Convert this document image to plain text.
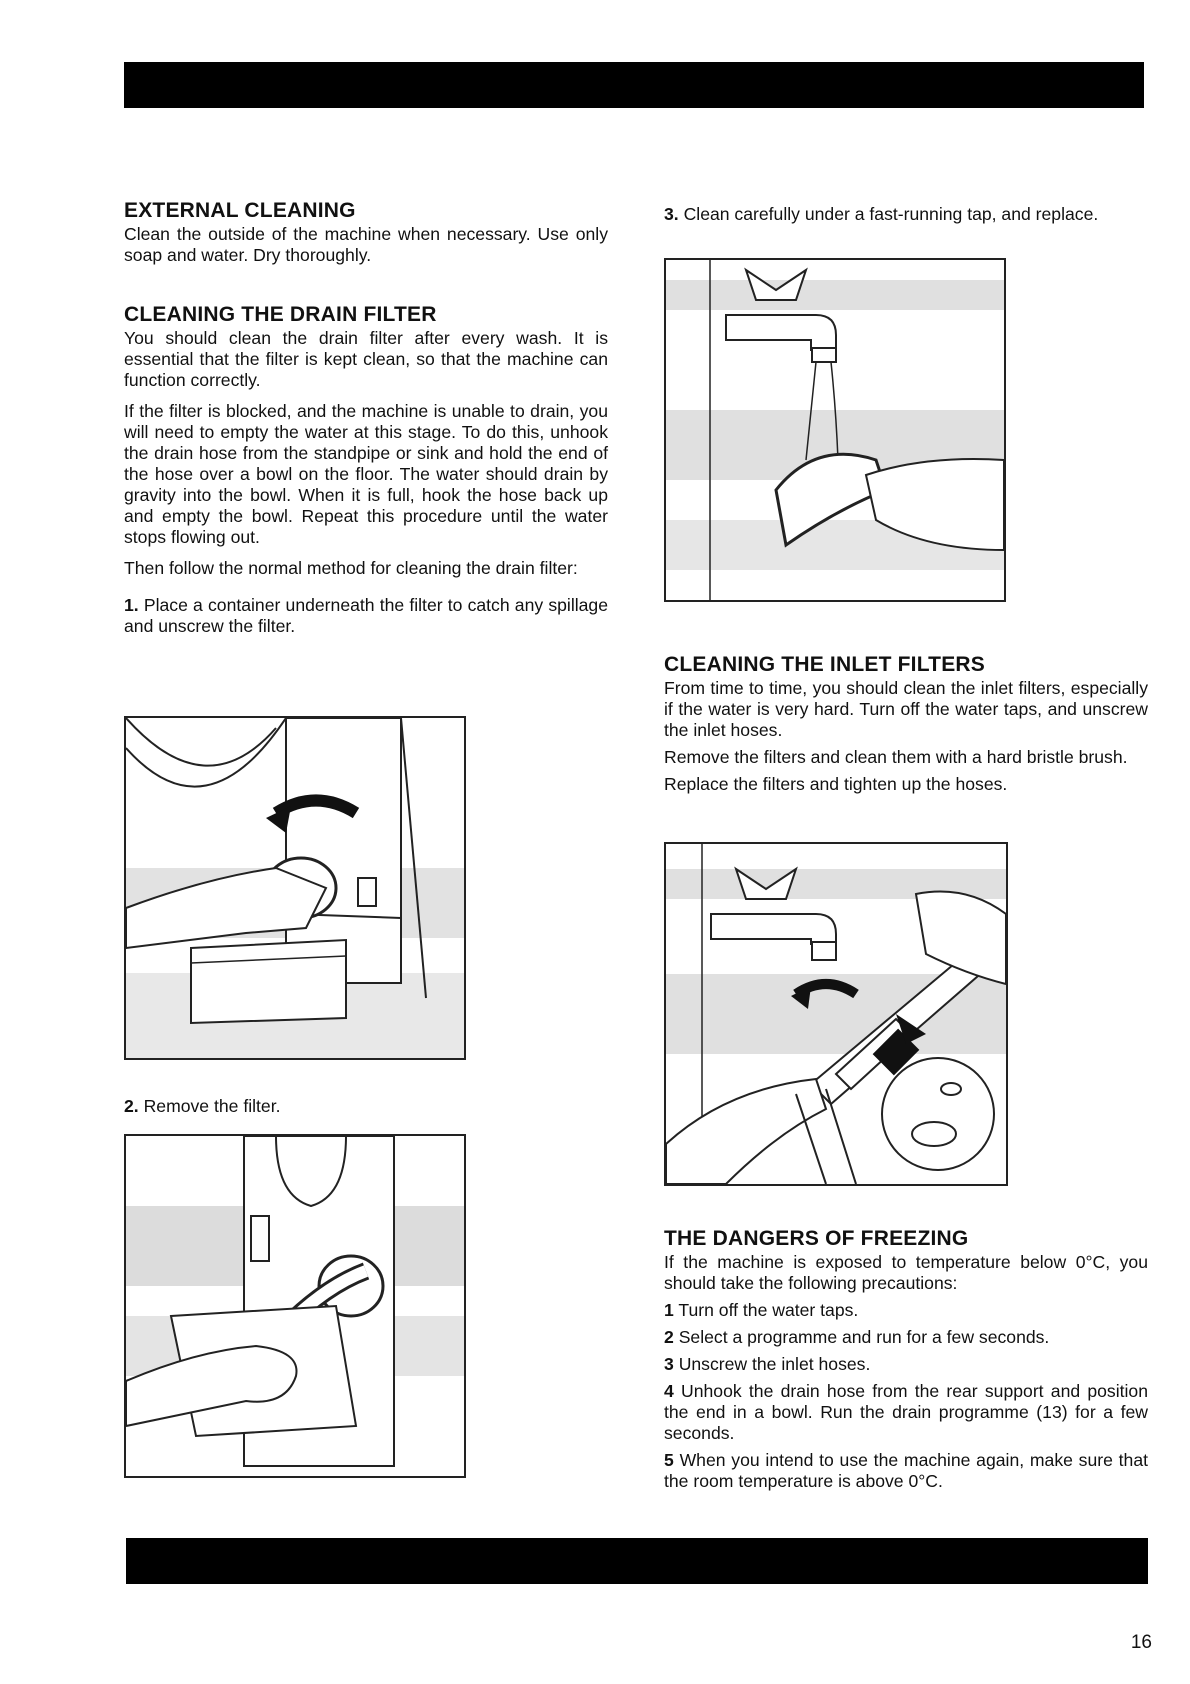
EXTERNAL CLEANING

Clean the outside of the machine when necessary. Use only soap and water. Dry thoroughly.

CLEANING THE DRAIN FILTER

You should clean the drain filter after every wash. It is essential that the filter is kept clean, so that the machine can function correctly.

If the filter is blocked, and the machine is unable to drain, you will need to empty the water at this stage. To do this, unhook the drain hose from the standpipe or sink and hold the end of the hose over a bowl on the floor. The water should drain by gravity into the bowl. When it is full, hook the hose back up and empty the bowl. Repeat this procedure until the water stops flowing out.

Then follow the normal method for cleaning the drain filter:

1. Place a container underneath the filter to catch any spillage and unscrew the filter.

2. Remove the filter.

3. Clean carefully under a fast-running tap, and replace.

CLEANING THE INLET FILTERS

From time to time, you should clean the inlet filters, especially if the water is very hard. Turn off the water taps, and unscrew the inlet hoses.

Remove the filters and clean them with a hard bristle brush.

Replace the filters and tighten up the hoses.

THE DANGERS OF FREEZING

If the machine is exposed to temperature below 0°C, you should take the following precautions:

1 Turn off the water taps.
2 Select a programme and run for a few seconds.
3 Unscrew the inlet hoses.
4 Unhook the drain hose from the rear support and position the end in a bowl. Run the drain programme (13) for a few seconds.
5 When you intend to use the machine again, make sure that the room temperature is above 0°C.
16
